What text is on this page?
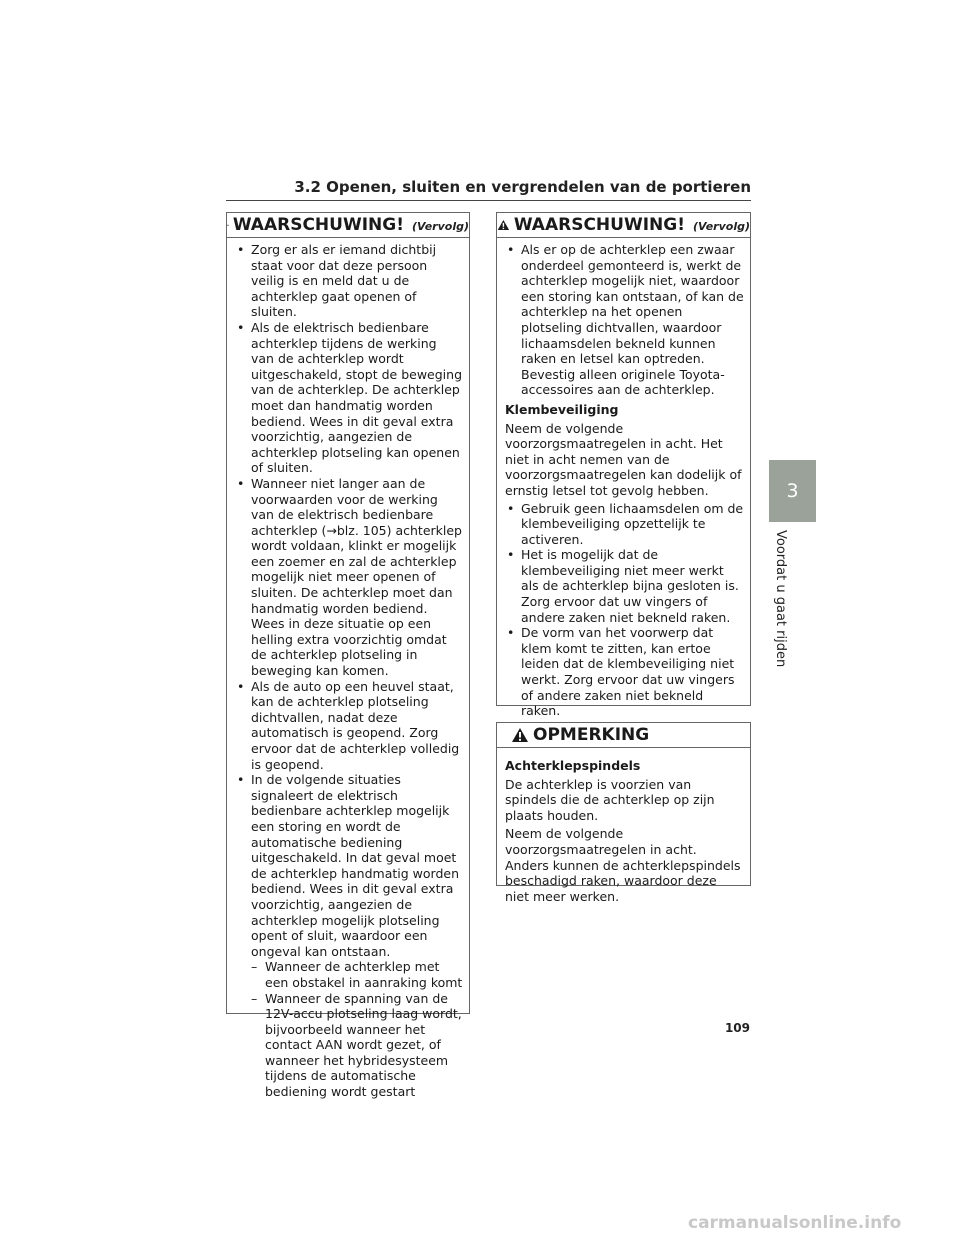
3.2 Openen, sluiten en vergrendelen van de portieren
WAARSCHUWING! (Vervolg)
• Zorg er als er iemand dichtbij staat voor dat deze persoon veilig is en meld dat u de achterklep gaat openen of sluiten.
• Als de elektrisch bedienbare achterklep tijdens de werking van de achterklep wordt uitgeschakeld, stopt de beweging van de achterklep. De achterklep moet dan handmatig worden bediend. Wees in dit geval extra voorzichtig, aangezien de achterklep plotseling kan openen of sluiten.
• Wanneer niet langer aan de voorwaarden voor de werking van de elektrisch bedienbare achterklep (→blz. 105) achterklep wordt voldaan, klinkt er mogelijk een zoemer en zal de achterklep mogelijk niet meer openen of sluiten. De achterklep moet dan handmatig worden bediend. Wees in deze situatie op een helling extra voorzichtig omdat de achterklep plotseling in beweging kan komen.
• Als de auto op een heuvel staat, kan de achterklep plotseling dichtvallen, nadat deze automatisch is geopend. Zorg ervoor dat de achterklep volledig is geopend.
• In de volgende situaties signaleert de elektrisch bedienbare achterklep mogelijk een storing en wordt de automatische bediening uitgeschakeld. In dat geval moet de achterklep handmatig worden bediend. Wees in dit geval extra voorzichtig, aangezien de achterklep mogelijk plotseling opent of sluit, waardoor een ongeval kan ontstaan.
– Wanneer de achterklep met een obstakel in aanraking komt
– Wanneer de spanning van de 12V-accu plotseling laag wordt, bijvoorbeeld wanneer het contact AAN wordt gezet, of wanneer het hybridesysteem tijdens de automatische bediening wordt gestart
WAARSCHUWING! (Vervolg)
• Als er op de achterklep een zwaar onderdeel gemonteerd is, werkt de achterklep mogelijk niet, waardoor een storing kan ontstaan, of kan de achterklep na het openen plotseling dichtvallen, waardoor lichaamsdelen bekneld kunnen raken en letsel kan optreden. Bevestig alleen originele Toyota-accessoires aan de achterklep.
Klembeveiliging
Neem de volgende voorzorgsmaatregelen in acht. Het niet in acht nemen van de voorzorgsmaatregelen kan dodelijk of ernstig letsel tot gevolg hebben.
• Gebruik geen lichaamsdelen om de klembeveiliging opzettelijk te activeren.
• Het is mogelijk dat de klembeveiliging niet meer werkt als de achterklep bijna gesloten is. Zorg ervoor dat uw vingers of andere zaken niet bekneld raken.
• De vorm van het voorwerp dat klem komt te zitten, kan ertoe leiden dat de klembeveiliging niet werkt. Zorg ervoor dat uw vingers of andere zaken niet bekneld raken.
OPMERKING
Achterklepspindels
De achterklep is voorzien van spindels die de achterklep op zijn plaats houden.
Neem de volgende voorzorgsmaatregelen in acht. Anders kunnen de achterklepspindels beschadigd raken, waardoor deze niet meer werken.
3
Voordat u gaat rijden
109
carmanualsonline.info
